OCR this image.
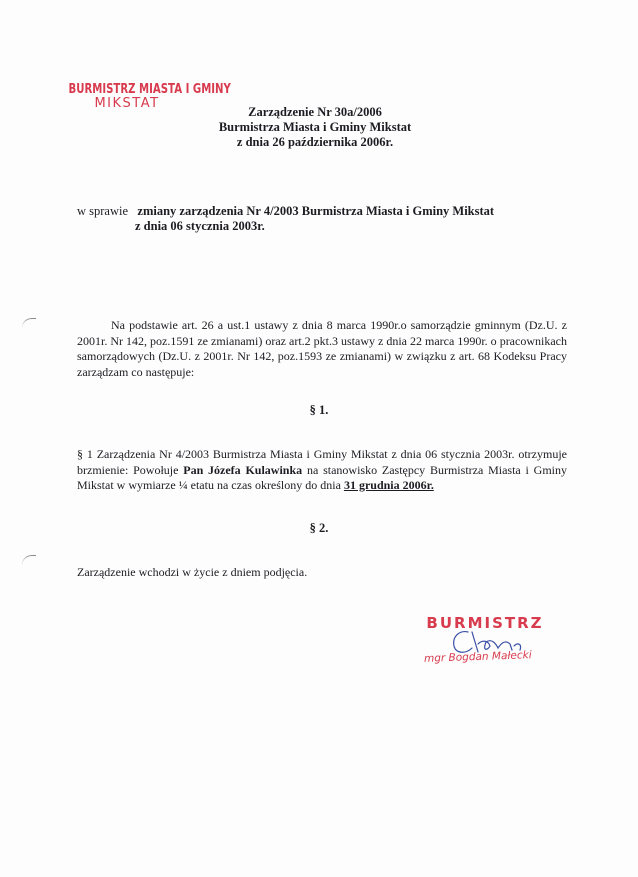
BURMISTRZ MIASTA I GMINY
MIKSTAT
Zarządzenie Nr 30a/2006
Burmistrza Miasta i Gminy Mikstat
z dnia 26 października 2006r.
w sprawie zmiany zarządzenia Nr 4/2003 Burmistrza Miasta i Gminy Mikstat
z dnia 06 stycznia 2003r.
Na podstawie art. 26 a ust.1 ustawy z dnia 8 marca 1990r.o samorządzie gminnym (Dz.U. z 2001r. Nr 142, poz.1591 ze zmianami) oraz art.2 pkt.3 ustawy z dnia 22 marca 1990r. o pracownikach samorządowych (Dz.U. z 2001r. Nr 142, poz.1593 ze zmianami) w związku z art. 68 Kodeksu Pracy zarządzam co następuje:
§ 1.
§ 1 Zarządzenia Nr 4/2003 Burmistrza Miasta i Gminy Mikstat z dnia 06 stycznia 2003r. otrzymuje brzmienie: Powołuje Pan Józefa Kulawinka na stanowisko Zastępcy Burmistrza Miasta i Gminy Mikstat w wymiarze ¼ etatu na czas określony do dnia 31 grudnia 2006r.
§ 2.
Zarządzenie wchodzi w życie z dniem podjęcia.
BURMISTRZ
mgr Bogdan Małecki
